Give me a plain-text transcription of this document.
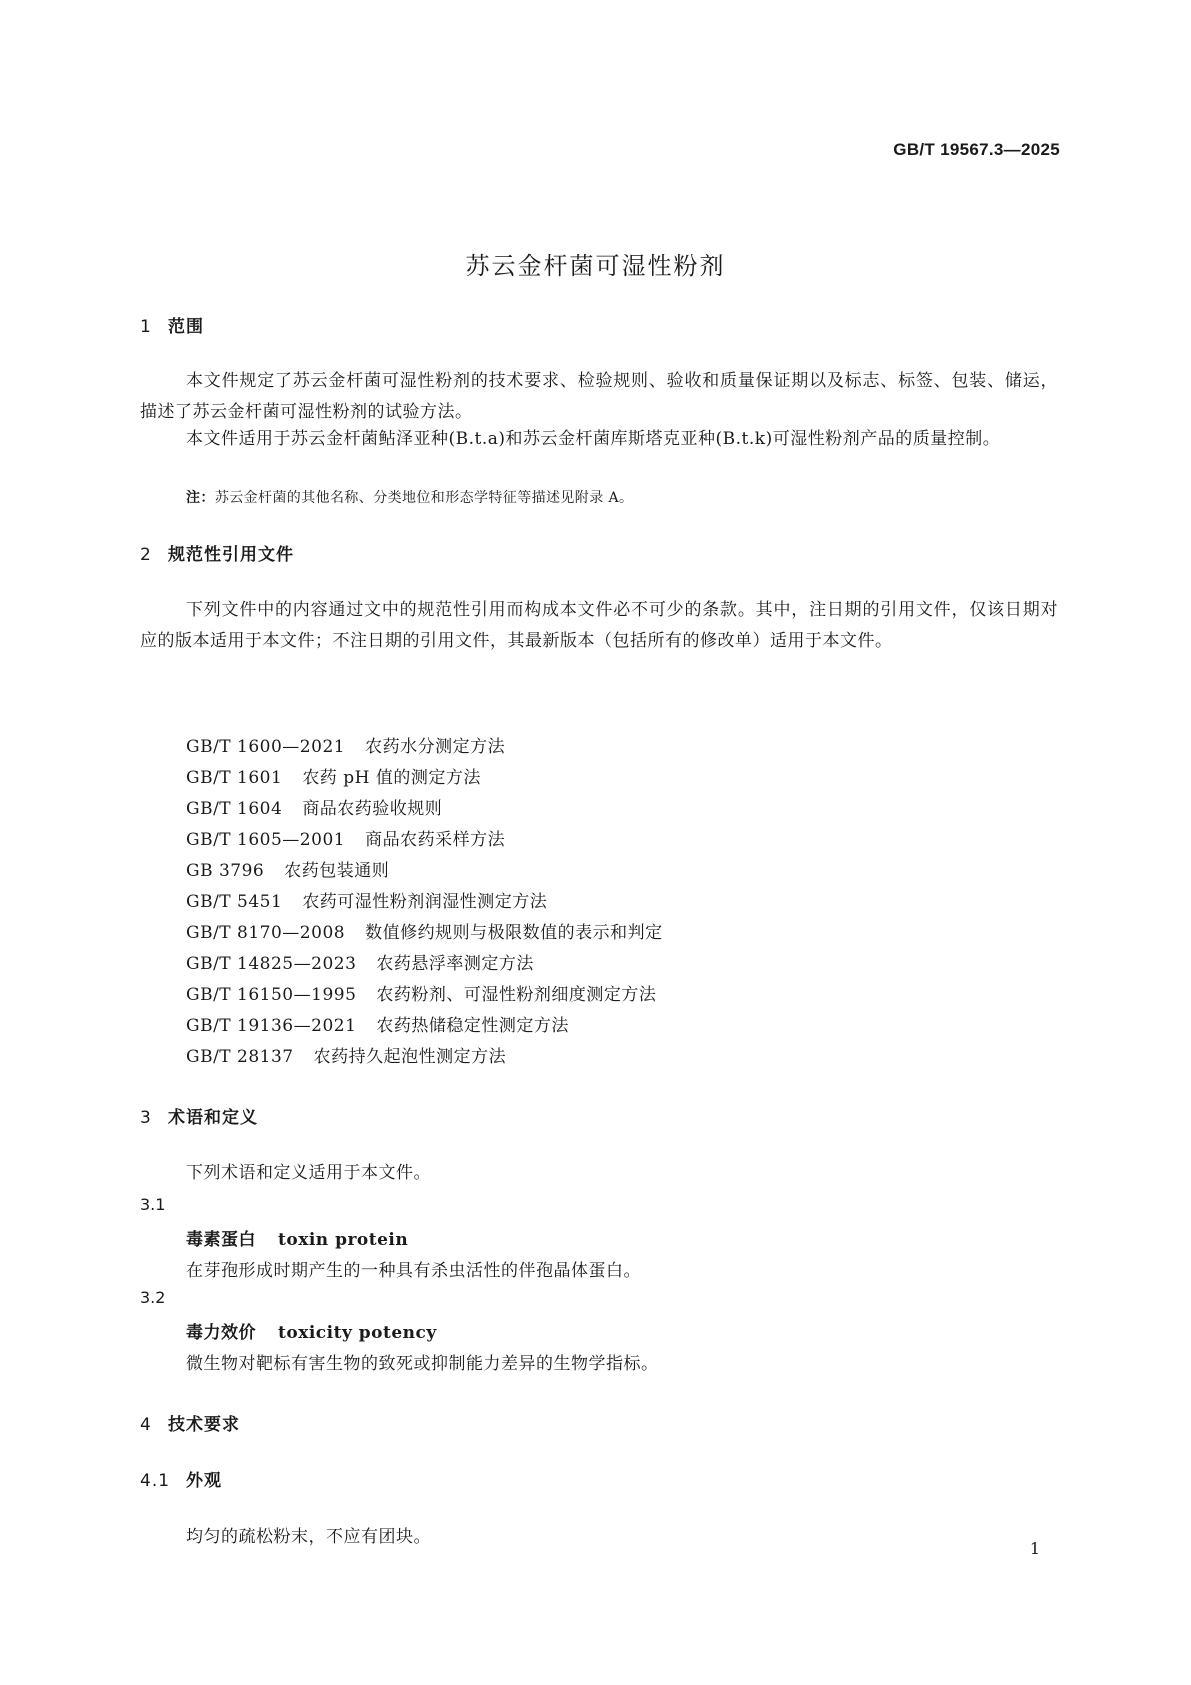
GB/T 19567.3—2025
苏云金杆菌可湿性粉剂
1 范围
本文件规定了苏云金杆菌可湿性粉剂的技术要求、检验规则、验收和质量保证期以及标志、标签、包装、储运，描述了苏云金杆菌可湿性粉剂的试验方法。
本文件适用于苏云金杆菌鲇泽亚种(B.t.a)和苏云金杆菌库斯塔克亚种(B.t.k)可湿性粉剂产品的质量控制。
注：苏云金杆菌的其他名称、分类地位和形态学特征等描述见附录 A。
2 规范性引用文件
下列文件中的内容通过文中的规范性引用而构成本文件必不可少的条款。其中，注日期的引用文件，仅该日期对应的版本适用于本文件；不注日期的引用文件，其最新版本（包括所有的修改单）适用于本文件。
GB/T 1600—2021 农药水分测定方法
GB/T 1601 农药 pH 值的测定方法
GB/T 1604 商品农药验收规则
GB/T 1605—2001 商品农药采样方法
GB 3796 农药包装通则
GB/T 5451 农药可湿性粉剂润湿性测定方法
GB/T 8170—2008 数值修约规则与极限数值的表示和判定
GB/T 14825—2023 农药悬浮率测定方法
GB/T 16150—1995 农药粉剂、可湿性粉剂细度测定方法
GB/T 19136—2021 农药热储稳定性测定方法
GB/T 28137 农药持久起泡性测定方法
3 术语和定义
下列术语和定义适用于本文件。
3.1
毒素蛋白 toxin protein
在芽孢形成时期产生的一种具有杀虫活性的伴孢晶体蛋白。
3.2
毒力效价 toxicity potency
微生物对靶标有害生物的致死或抑制能力差异的生物学指标。
4 技术要求
4.1 外观
均匀的疏松粉末，不应有团块。
1
